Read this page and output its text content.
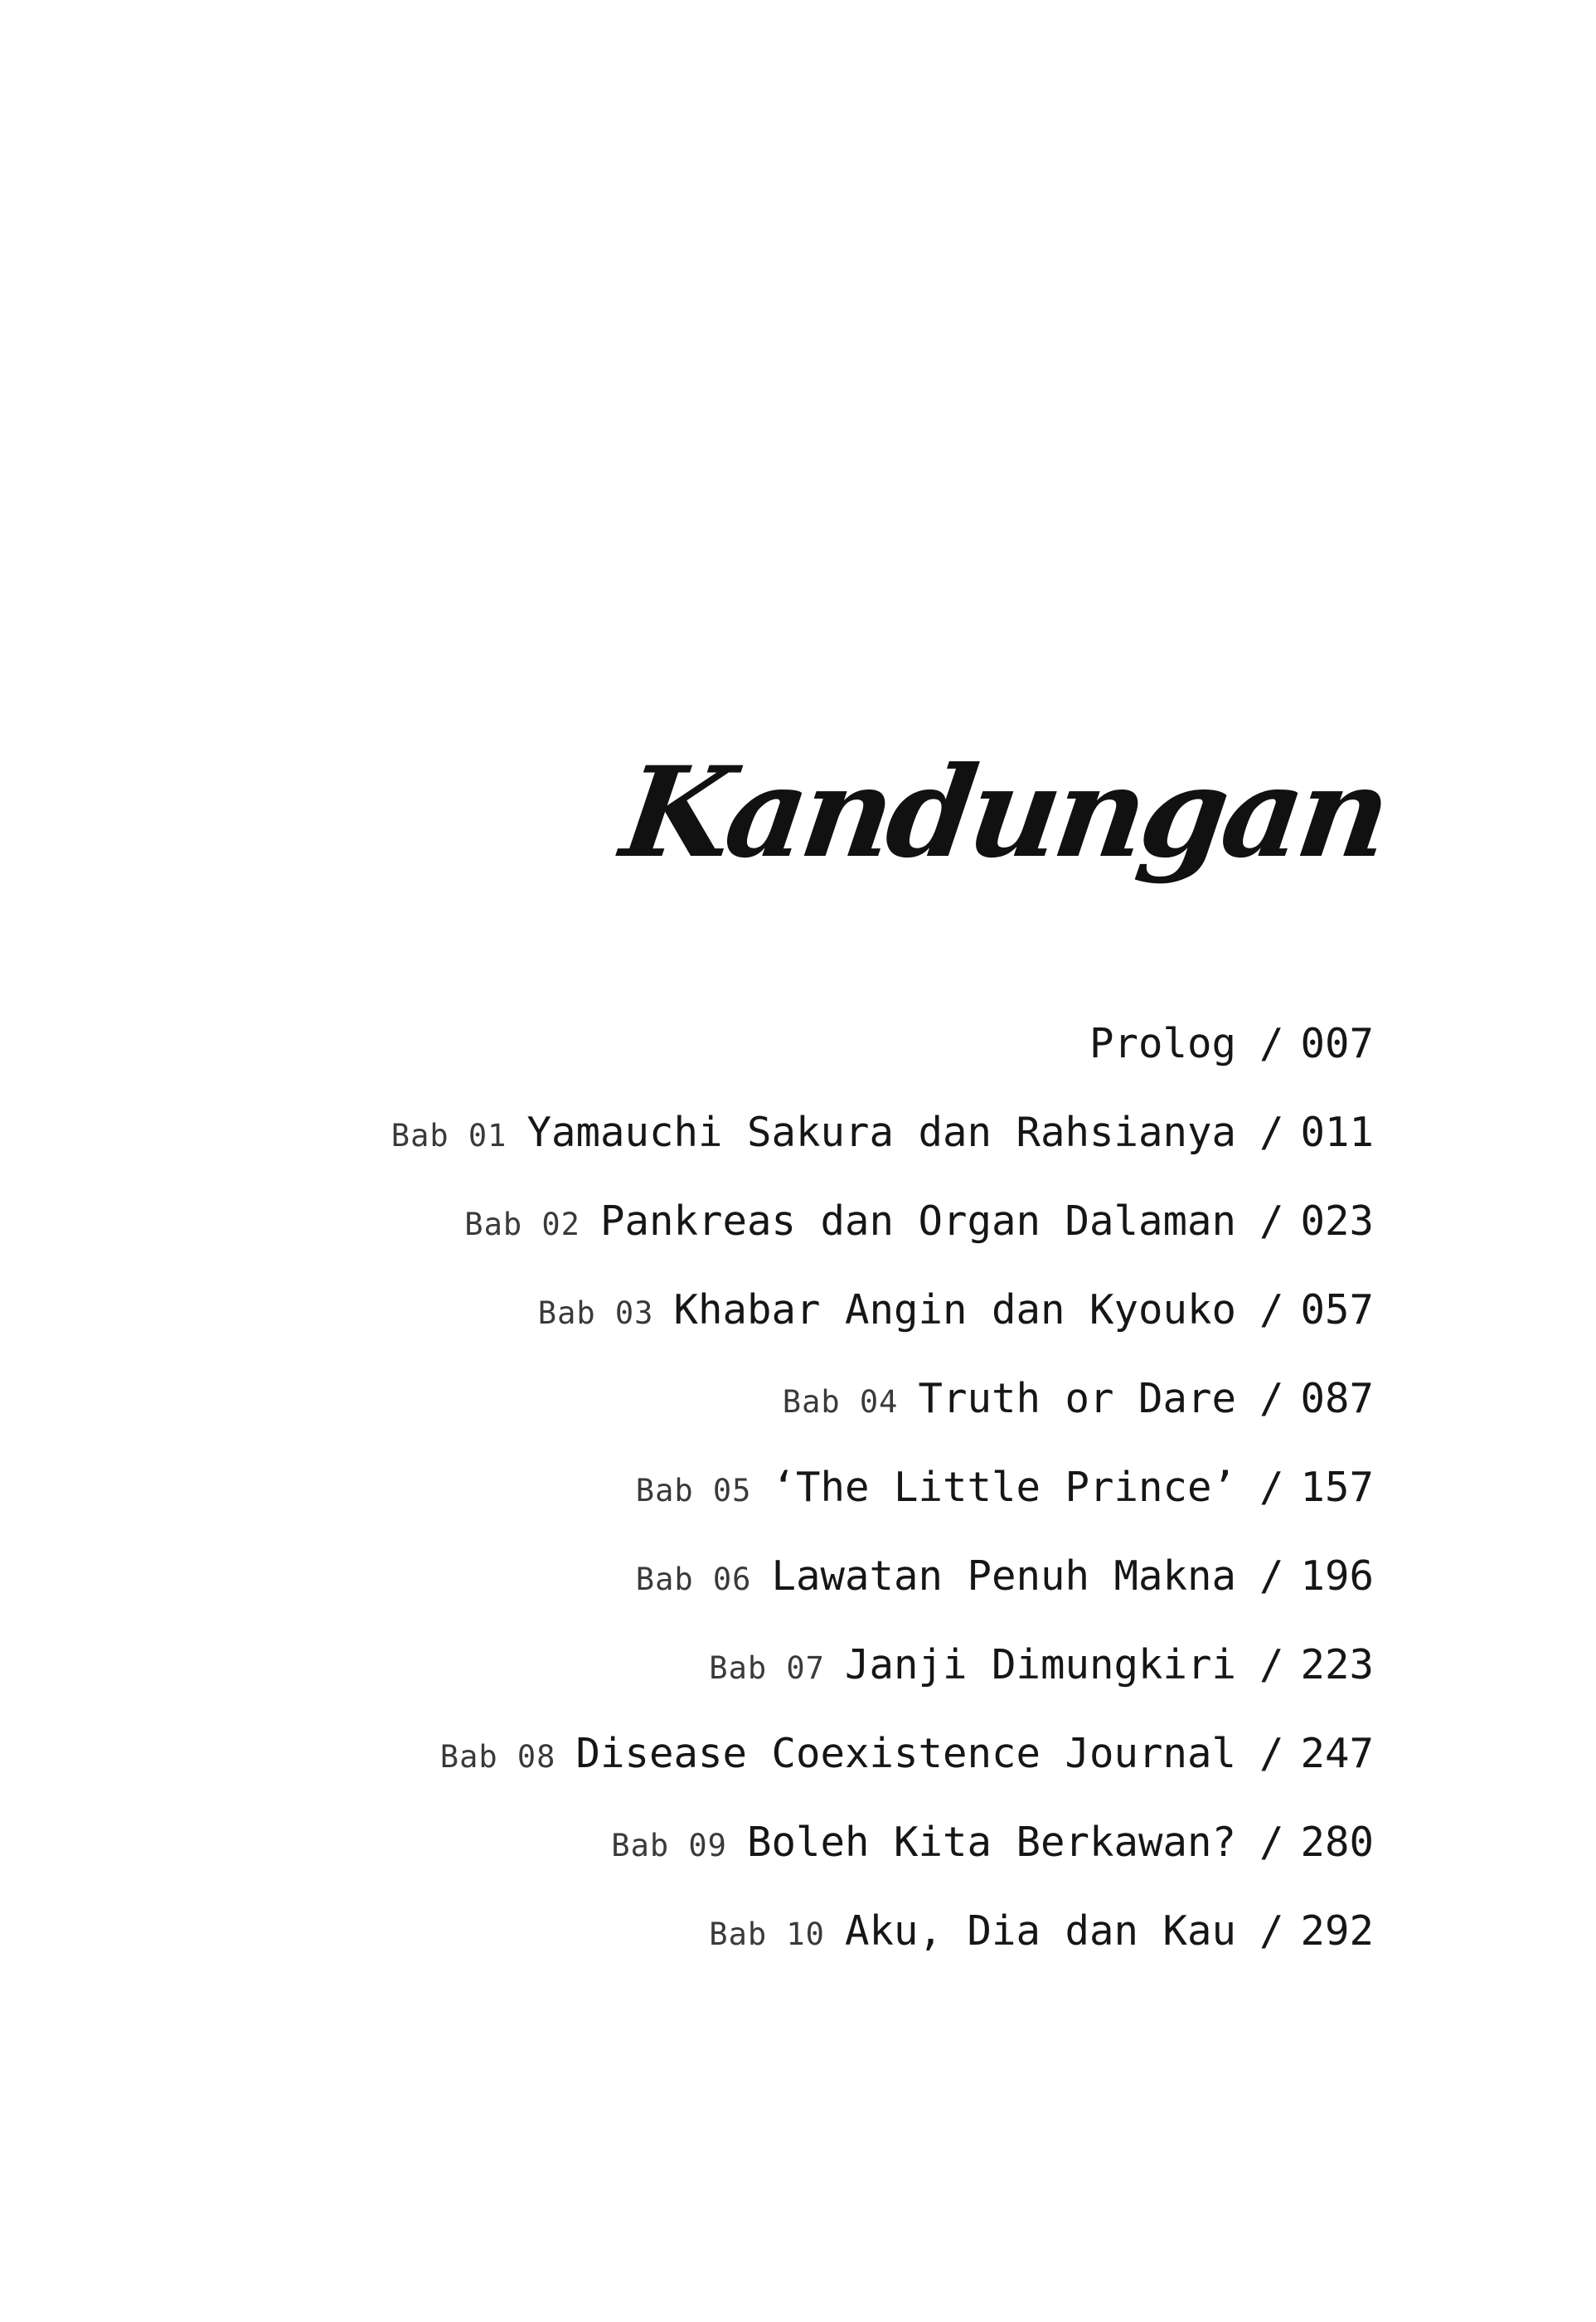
Kandungan
Prolog / 007
Bab 01 Yamauchi Sakura dan Rahsianya / 011
Bab 02 Pankreas dan Organ Dalaman / 023
Bab 03 Khabar Angin dan Kyouko / 057
Bab 04 Truth or Dare / 087
Bab 05 ‘The Little Prince’ / 157
Bab 06 Lawatan Penuh Makna / 196
Bab 07 Janji Dimungkiri / 223
Bab 08 Disease Coexistence Journal / 247
Bab 09 Boleh Kita Berkawan? / 280
Bab 10 Aku, Dia dan Kau / 292
